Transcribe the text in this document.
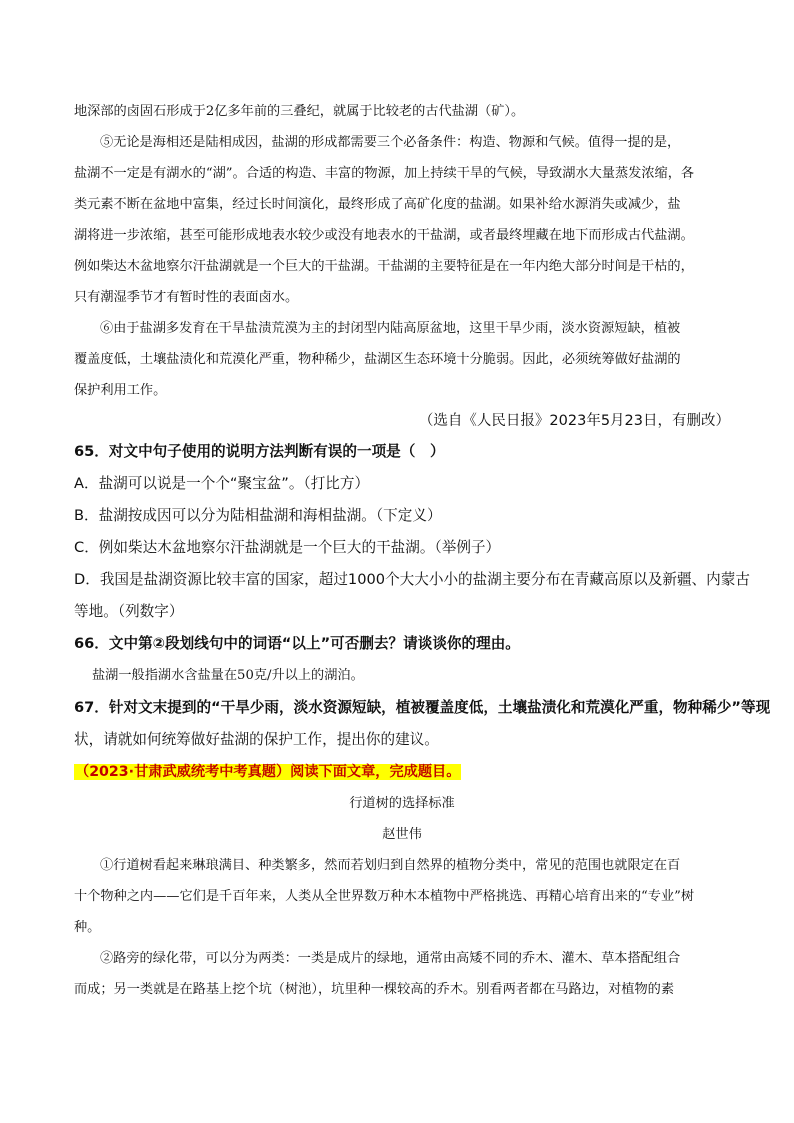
地深部的卤固石形成于2亿多年前的三叠纪，就属于比较老的古代盐湖（矿）。
⑤无论是海相还是陆相成因，盐湖的形成都需要三个必备条件：构造、物源和气候。值得一提的是，
盐湖不一定是有湖水的“湖”。合适的构造、丰富的物源，加上持续干旱的气候，导致湖水大量蒸发浓缩，各
类元素不断在盆地中富集，经过长时间演化，最终形成了高矿化度的盐湖。如果补给水源消失或减少，盐
湖将进一步浓缩，甚至可能形成地表水较少或没有地表水的干盐湖，或者最终埋藏在地下而形成古代盐湖。
例如柴达木盆地察尔汗盐湖就是一个巨大的干盐湖。干盐湖的主要特征是在一年内绝大部分时间是干枯的，
只有潮湿季节才有暂时性的表面卤水。
⑥由于盐湖多发育在干旱盐渍荒漠为主的封闭型内陆高原盆地，这里干旱少雨，淡水资源短缺，植被
覆盖度低，土壤盐渍化和荒漠化严重，物种稀少，盐湖区生态环境十分脆弱。因此，必须统筹做好盐湖的
保护利用工作。
（选自《人民日报》2023年5月23日，有删改）
65．对文中句子使用的说明方法判断有误的一项是（　）
A．盐湖可以说是一个个“聚宝盆”。（打比方）
B．盐湖按成因可以分为陆相盐湖和海相盐湖。（下定义）
C．例如柴达木盆地察尔汗盐湖就是一个巨大的干盐湖。（举例子）
D．我国是盐湖资源比较丰富的国家，超过1000个大大小小的盐湖主要分布在青藏高原以及新疆、内蒙古
等地。（列数字）
66．文中第②段划线句中的词语“以上”可否删去？请谈谈你的理由。
盐湖一般指湖水含盐量在50克/升以上的湖泊。
67．针对文末提到的“干旱少雨，淡水资源短缺，植被覆盖度低，土壤盐渍化和荒漠化严重，物种稀少”等现
状，请就如何统筹做好盐湖的保护工作，提出你的建议。
（2023·甘肃武威统考中考真题）阅读下面文章，完成题目。
行道树的选择标准
赵世伟
①行道树看起来琳琅满目、种类繁多，然而若划归到自然界的植物分类中，常见的范围也就限定在百
十个物种之内——它们是千百年来，人类从全世界数万种木本植物中严格挑选、再精心培育出来的“专业”树
种。
②路旁的绿化带，可以分为两类：一类是成片的绿地，通常由高矮不同的乔木、灌木、草本搭配组合
而成；另一类就是在路基上挖个坑（树池），坑里种一棵较高的乔木。别看两者都在马路边，对植物的素
